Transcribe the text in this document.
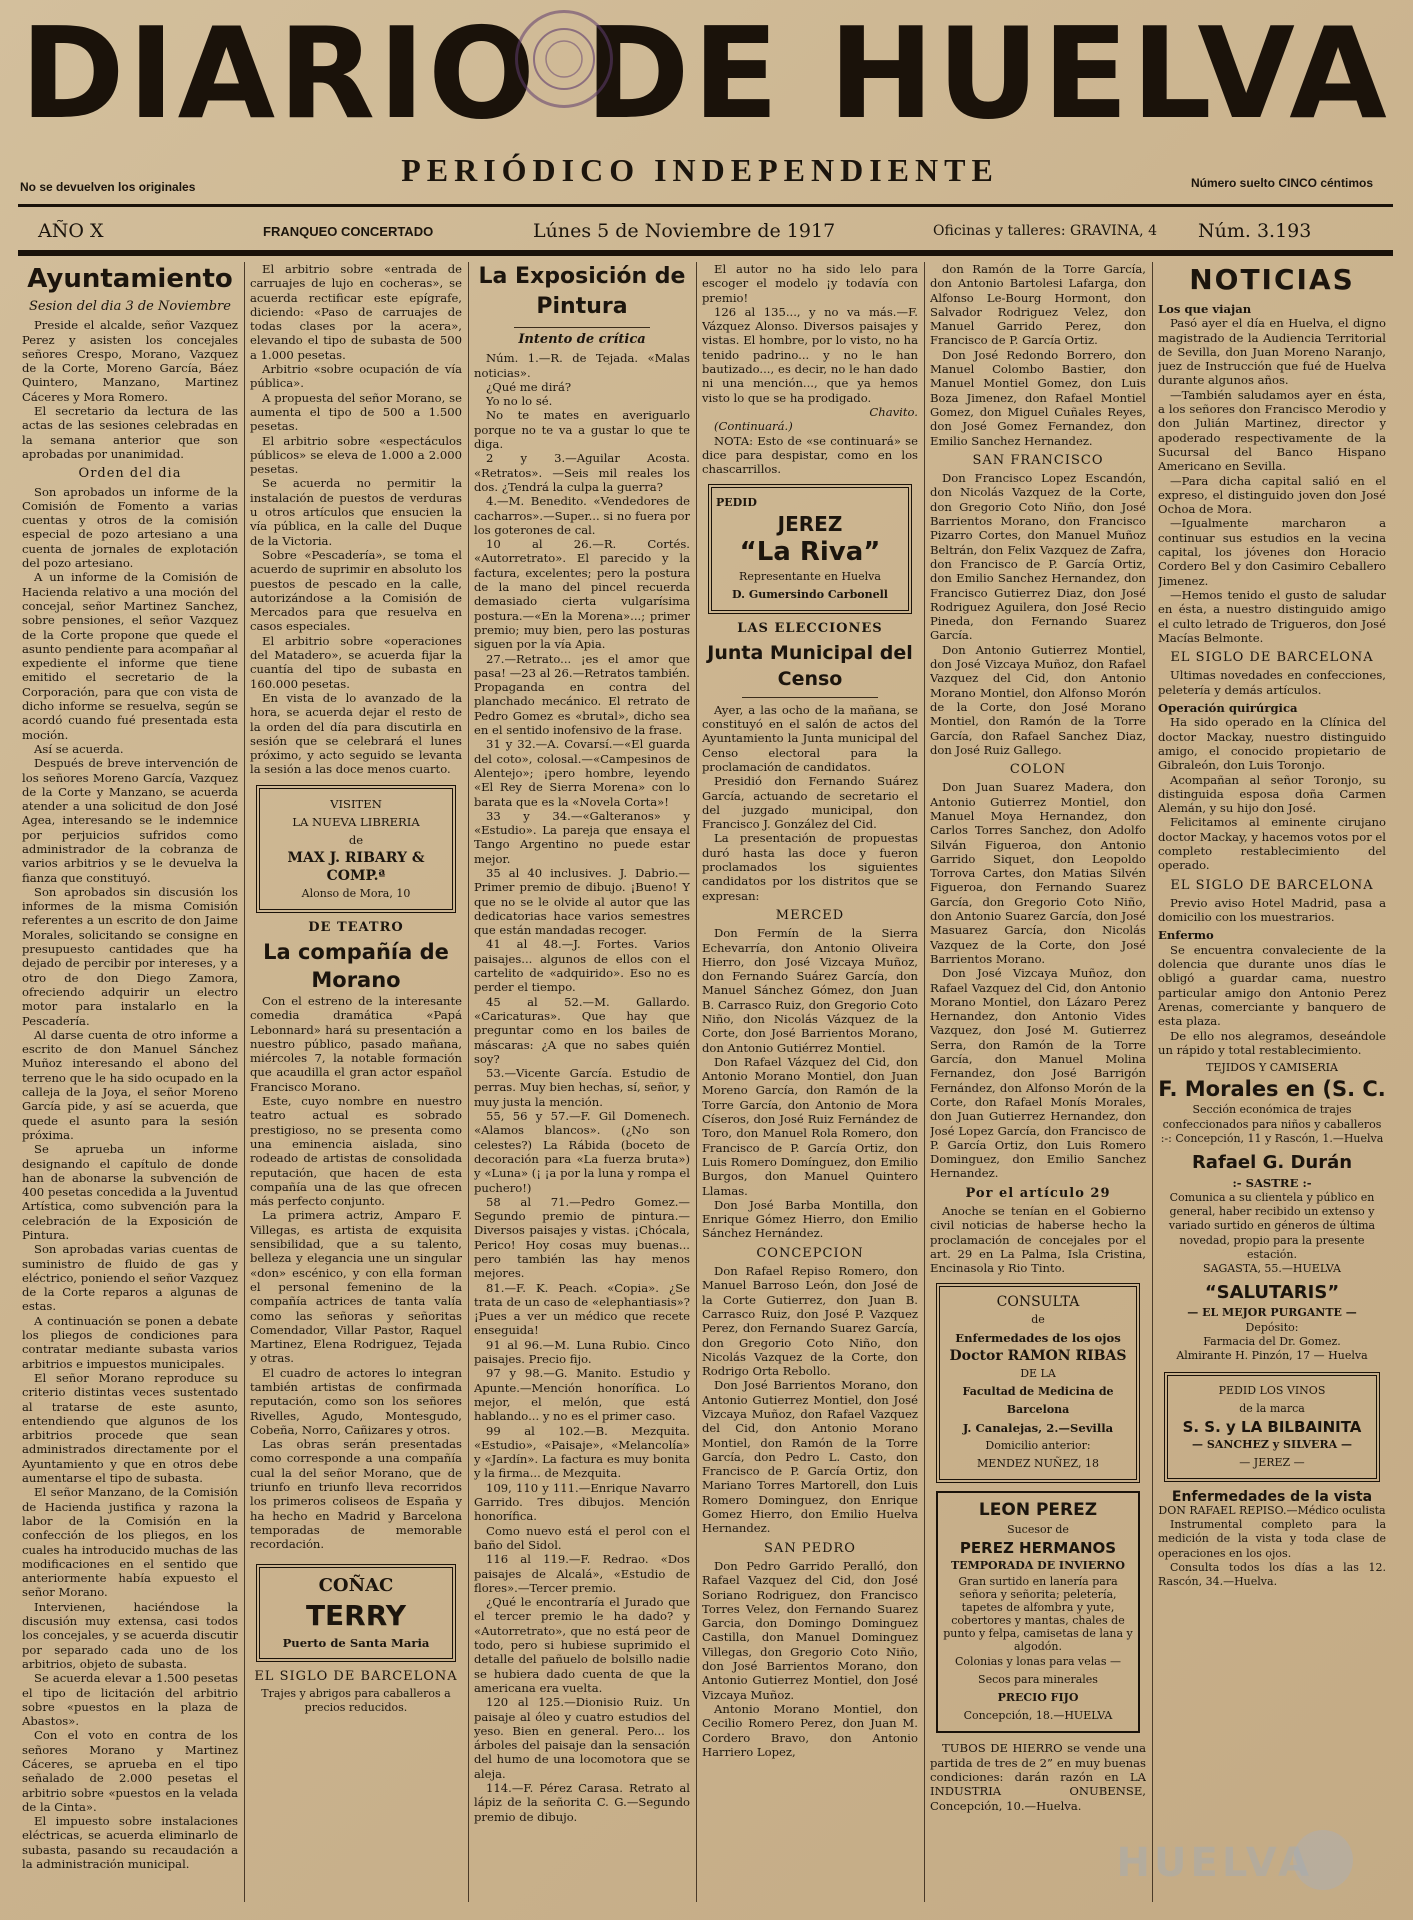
DIARIO DE HUELVA
PERIÓDICO INDEPENDIENTE
No se devuelven los originales	Número suelto CINCO céntimos
AÑO X	FRANQUEO CONCERTADO	Lúnes 5 de Noviembre de 1917	Oficinas y talleres: GRAVINA, 4 Núm. 3.193
Ayuntamiento
Sesion del dia 3 de Noviembre

Preside el alcalde, señor Vazquez Perez y asisten los concejales señores Crespo, Morano, Vazquez de la Corte, Moreno García, Báez Quintero, Manzano, Martinez Cáceres y Mora Romero.

El secretario da lectura de las actas de las sesiones celebradas en la semana anterior que son aprobadas por unanimidad.

Orden del dia

Son aprobados un informe de la Comisión de Fomento a varias cuentas y otros de la comisión especial de pozo artesiano a una cuenta de jornales de explotación del pozo artesiano.

A un informe de la Comisión de Hacienda relativo a una moción del concejal, señor Martinez Sanchez, sobre pensiones, el señor Vazquez de la Corte propone que quede el asunto pendiente para acompañar al expediente el informe que tiene emitido el secretario de la Corporación, para que con vista de dicho informe se resuelva, según se acordó cuando fué presentada esta moción.

Así se acuerda.

Después de breve intervención de los señores Moreno García, Vazquez de la Corte y Manzano, se acuerda atender a una solicitud de don José Agea, interesando se le indemnice por perjuicios sufridos como administrador de la cobranza de varios arbitrios y se le devuelva la fianza que constituyó.

Son aprobados sin discusión los informes de la misma Comisión referentes a un escrito de don Jaime Morales, solicitando se consigne en presupuesto cantidades que ha dejado de percibir por intereses, y a otro de don Diego Zamora, ofreciendo adquirir un electro motor para instalarlo en la Pescadería.

Al darse cuenta de otro informe a escrito de don Manuel Sánchez Muñoz interesando el abono del terreno que le ha sido ocupado en la calleja de la Joya, el señor Moreno García pide, y así se acuerda, que quede el asunto para la sesión próxima.

Se aprueba un informe designando el capítulo de donde han de abonarse la subvención de 400 pesetas concedida a la Juventud Artística, como subvención para la celebración de la Exposición de Pintura.

Son aprobadas varias cuentas de suministro de fluido de gas y eléctrico, poniendo el señor Vazquez de la Corte reparos a algunas de estas.

A continuación se ponen a debate los pliegos de condiciones para contratar mediante subasta varios arbitrios e impuestos municipales.

El señor Morano reproduce su criterio distintas veces sustentado al tratarse de este asunto, entendiendo que algunos de los arbitrios procede que sean administrados directamente por el Ayuntamiento y que en otros debe aumentarse el tipo de subasta.

El señor Manzano, de la Comisión de Hacienda justifica y razona la labor de la Comisión en la confección de los pliegos, en los cuales ha introducido muchas de las modificaciones en el sentido que anteriormente había expuesto el señor Morano.

Intervienen, haciéndose la discusión muy extensa, casi todos los concejales, y se acuerda discutir por separado cada uno de los arbitrios, objeto de subasta.

Se acuerda elevar a 1.500 pesetas el tipo de licitación del arbitrio sobre «puestos en la plaza de Abastos».

Con el voto en contra de los señores Morano y Martinez Cáceres, se aprueba en el tipo señalado de 2.000 pesetas el arbitrio sobre «puestos en la velada de la Cinta».

El impuesto sobre instalaciones eléctricas, se acuerda eliminarlo de subasta, pasando su recaudación a la administración municipal.

El arbitrio sobre «entrada de carruajes de lujo en cocheras», se acuerda rectificar este epígrafe, diciendo: «Paso de carruajes de todas clases por la acera», elevando el tipo de subasta de 500 a 1.000 pesetas.

Arbitrio «sobre ocupación de vía pública».

A propuesta del señor Morano, se aumenta el tipo de 500 a 1.500 pesetas.

El arbitrio sobre «espectáculos públicos» se eleva de 1.000 a 2.000 pesetas.

Se acuerda no permitir la instalación de puestos de verduras u otros artículos que ensucien la vía pública, en la calle del Duque de la Victoria.

Sobre «Pescadería», se toma el acuerdo de suprimir en absoluto los puestos de pescado en la calle, autorizándose a la Comisión de Mercados para que resuelva en casos especiales.

El arbitrio sobre «operaciones del Matadero», se acuerda fijar la cuantía del tipo de subasta en 160.000 pesetas.

En vista de lo avanzado de la hora, se acuerda dejar el resto de la orden del día para discutirla en sesión que se celebrará el lunes próximo, y acto seguido se levanta la sesión a las doce menos cuarto.

VISITEN
LA NUEVA LIBRERIA
de
MAX J. RIBARY & COMP.ª
Alonso de Mora, 10
DE TEATRO
La compañía de Morano

Con el estreno de la interesante comedia dramática «Papá Lebonnard» hará su presentación a nuestro público, pasado mañana, miércoles 7, la notable formación que acaudilla el gran actor español Francisco Morano.

Este, cuyo nombre en nuestro teatro actual es sobrado prestigioso, no se presenta como una eminencia aislada, sino rodeado de artistas de consolidada reputación, que hacen de esta compañía una de las que ofrecen más perfecto conjunto.

La primera actriz, Amparo F. Villegas, es artista de exquisita sensibilidad, que a su talento, belleza y elegancia une un singular «don» escénico, y con ella forman el personal femenino de la compañía actrices de tanta valía como las señoras y señoritas Comendador, Villar Pastor, Raquel Martinez, Elena Rodriguez, Tejada y otras.

El cuadro de actores lo integran también artistas de confirmada reputación, como son los señores Rivelles, Agudo, Montesgudo, Cobeña, Norro, Cañizares y otros.

Las obras serán presentadas como corresponde a una compañía cual la del señor Morano, que de triunfo en triunfo lleva recorridos los primeros coliseos de España y ha hecho en Madrid y Barcelona temporadas de memorable recordación.

COÑAC
TERRY
Puerto de Santa Maria
EL SIGLO DE BARCELONA

Trajes y abrigos para caballeros a precios reducidos.

La Exposición de Pintura
Intento de crítica

Núm. 1.—R. de Tejada. «Malas noticias».

¿Qué me dirá?

Yo no lo sé.

No te mates en averiguarlo porque no te va a gustar lo que te diga.

2 y 3.—Aguilar Acosta. «Retratos». —Seis mil reales los dos. ¿Tendrá la culpa la guerra?

4.—M. Benedito. «Vendedores de cacharros».—Super... si no fuera por los goterones de cal.

10 al 26.—R. Cortés. «Autorretrato». El parecido y la factura, excelentes; pero la postura de la mano del pincel recuerda demasiado cierta vulgarísima postura.—«En la Morena»...; primer premio; muy bien, pero las posturas siguen por la vía Apia.

27.—Retrato... ¡es el amor que pasa! —23 al 26.—Retratos también. Propaganda en contra del planchado mecánico. El retrato de Pedro Gomez es «brutal», dicho sea en el sentido inofensivo de la frase.

31 y 32.—A. Covarsí.—«El guarda del coto», colosal.—«Campesinos de Alentejo»; ¡pero hombre, leyendo «El Rey de Sierra Morena» con lo barata que es la «Novela Corta»!

33 y 34.—«Galteranos» y «Estudio». La pareja que ensaya el Tango Argentino no puede estar mejor.

35 al 40 inclusives. J. Dabrio.—Primer premio de dibujo. ¡Bueno! Y que no se le olvide al autor que las dedicatorias hace varios semestres que están mandadas recoger.

41 al 48.—J. Fortes. Varios paisajes... algunos de ellos con el cartelito de «adquirido». Eso no es perder el tiempo.

45 al 52.—M. Gallardo. «Caricaturas». Que hay que preguntar como en los bailes de máscaras: ¿A que no sabes quién soy?

53.—Vicente García. Estudio de perras. Muy bien hechas, sí, señor, y muy justa la mención.

55, 56 y 57.—F. Gil Domenech. «Alamos blancos». (¿No son celestes?) La Rábida (boceto de decoración para «La fuerza bruta») y «Luna» (¡ ¡a por la luna y rompa el puchero!)

58 al 71.—Pedro Gomez.—Segundo premio de pintura.—Diversos paisajes y vistas. ¡Chócala, Perico! Hoy cosas muy buenas... pero también las hay menos mejores.

81.—F. K. Peach. «Copia». ¿Se trata de un caso de «elephantiasis»? ¡Pues a ver un médico que recete enseguida!

91 al 96.—M. Luna Rubio. Cinco paisajes. Precio fijo.

97 y 98.—G. Manito. Estudio y Apunte.—Mención honorífica. Lo mejor, el melón, que está hablando... y no es el primer caso.

99 al 102.—B. Mezquita. «Estudio», «Paisaje», «Melancolía» y «Jardín». La factura es muy bonita y la firma... de Mezquita.

109, 110 y 111.—Enrique Navarro Garrido. Tres dibujos. Mención honorífica.

Como nuevo está el perol con el baño del Sidol.

116 al 119.—F. Redrao. «Dos paisajes de Alcalá», «Estudio de flores».—Tercer premio.

¿Qué le encontraría el Jurado que el tercer premio le ha dado? y «Autorretrato», que no está peor de todo, pero si hubiese suprimido el detalle del pañuelo de bolsillo nadie se hubiera dado cuenta de que la americana era vuelta.

120 al 125.—Dionisio Ruiz. Un paisaje al óleo y cuatro estudios del yeso. Bien en general. Pero... los árboles del paisaje dan la sensación del humo de una locomotora que se aleja.

114.—F. Pérez Carasa. Retrato al lápiz de la señorita C. G.—Segundo premio de dibujo.

El autor no ha sido lelo para escoger el modelo ¡y todavía con premio!

126 al 135..., y no va más.—F. Vázquez Alonso. Diversos paisajes y vistas. El hombre, por lo visto, no ha tenido padrino... y no le han bautizado..., es decir, no le han dado ni una mención..., que ya hemos visto lo que se ha prodigado.

Chavito.

(Continuará.)

NOTA: Esto de «se continuará» se dice para despistar, como en los chascarrillos.

PEDID
JEREZ
“La Riva”
Representante en Huelva
D. Gumersindo Carbonell
LAS ELECCIONES
Junta Municipal del Censo

Ayer, a las ocho de la mañana, se constituyó en el salón de actos del Ayuntamiento la Junta municipal del Censo electoral para la proclamación de candidatos.

Presidió don Fernando Suárez García, actuando de secretario el del juzgado municipal, don Francisco J. González del Cid.

La presentación de propuestas duró hasta las doce y fueron proclamados los siguientes candidatos por los distritos que se expresan:

MERCED

Don Fermín de la Sierra Echevarría, don Antonio Oliveira Hierro, don José Vizcaya Muñoz, don Fernando Suárez García, don Manuel Sánchez Gómez, don Juan B. Carrasco Ruiz, don Gregorio Coto Niño, don Nicolás Vázquez de la Corte, don José Barrientos Morano, don Antonio Gutiérrez Montiel.

Don Rafael Vázquez del Cid, don Antonio Morano Montiel, don Juan Moreno García, don Ramón de la Torre García, don Antonio de Mora Císeros, don José Ruiz Fernández de Toro, don Manuel Rola Romero, don Francisco de P. García Ortiz, don Luis Romero Domínguez, don Emilio Burgos, don Manuel Quintero Llamas.

Don José Barba Montilla, don Enrique Gómez Hierro, don Emilio Sánchez Hernández.

CONCEPCION

Don Rafael Repiso Romero, don Manuel Barroso León, don José de la Corte Gutierrez, don Juan B. Carrasco Ruiz, don José P. Vazquez Perez, don Fernando Suarez García, don Gregorio Coto Niño, don Nicolás Vazquez de la Corte, don Rodrigo Orta Rebollo.

Don José Barrientos Morano, don Antonio Gutierrez Montiel, don José Vizcaya Muñoz, don Rafael Vazquez del Cid, don Antonio Morano Montiel, don Ramón de la Torre García, don Pedro L. Casto, don Francisco de P. García Ortiz, don Mariano Torres Martorell, don Luis Romero Dominguez, don Enrique Gomez Hierro, don Emilio Huelva Hernandez.

SAN PEDRO

Don Pedro Garrido Peralló, don Rafael Vazquez del Cid, don José Soriano Rodriguez, don Francisco Torres Velez, don Fernando Suarez Garcia, don Domingo Dominguez Castilla, don Manuel Dominguez Villegas, don Gregorio Coto Niño, don José Barrientos Morano, don Antonio Gutierrez Montiel, don José Vizcaya Muñoz.

Antonio Morano Montiel, don Cecilio Romero Perez, don Juan M. Cordero Bravo, don Antonio Harriero Lopez,

don Ramón de la Torre García, don Antonio Bartolesi Lafarga, don Alfonso Le-Bourg Hormont, don Salvador Rodriguez Velez, don Manuel Garrido Perez, don Francisco de P. García Ortiz.

Don José Redondo Borrero, don Manuel Colombo Bastier, don Manuel Montiel Gomez, don Luis Boza Jimenez, don Rafael Montiel Gomez, don Miguel Cuñales Reyes, don José Gomez Fernandez, don Emilio Sanchez Hernandez.

SAN FRANCISCO

Don Francisco Lopez Escandón, don Nicolás Vazquez de la Corte, don Gregorio Coto Niño, don José Barrientos Morano, don Francisco Pizarro Cortes, don Manuel Muñoz Beltrán, don Felix Vazquez de Zafra, don Francisco de P. García Ortiz, don Emilio Sanchez Hernandez, don Francisco Gutierrez Diaz, don José Rodriguez Aguilera, don José Recio Pineda, don Fernando Suarez García.

Don Antonio Gutierrez Montiel, don José Vizcaya Muñoz, don Rafael Vazquez del Cid, don Antonio Morano Montiel, don Alfonso Morón de la Corte, don José Morano Montiel, don Ramón de la Torre García, don Rafael Sanchez Diaz, don José Ruiz Gallego.

COLON

Don Juan Suarez Madera, don Antonio Gutierrez Montiel, don Manuel Moya Hernandez, don Carlos Torres Sanchez, don Adolfo Silván Figueroa, don Antonio Garrido Siquet, don Leopoldo Torrova Cartes, don Matias Silvén Figueroa, don Fernando Suarez García, don Gregorio Coto Niño, don Antonio Suarez García, don José Masuarez García, don Nicolás Vazquez de la Corte, don José Barrientos Morano.

Don José Vizcaya Muñoz, don Rafael Vazquez del Cid, don Antonio Morano Montiel, don Lázaro Perez Hernandez, don Antonio Vides Vazquez, don José M. Gutierrez Serra, don Ramón de la Torre García, don Manuel Molina Fernandez, don José Barrigón Fernández, don Alfonso Morón de la Corte, don Rafael Monís Morales, don Juan Gutierrez Hernandez, don José Lopez García, don Francisco de P. García Ortiz, don Luis Romero Dominguez, don Emilio Sanchez Hernandez.

Por el artículo 29

Anoche se tenían en el Gobierno civil noticias de haberse hecho la proclamación de concejales por el art. 29 en La Palma, Isla Cristina, Encinasola y Rio Tinto.

CONSULTA
de
Enfermedades de los ojos
Doctor RAMON RIBAS
DE LA
Facultad de Medicina de Barcelona
J. Canalejas, 2.—Sevilla
Domicilio anterior:
MENDEZ NUÑEZ, 18
LEON PEREZ
Sucesor de
PEREZ HERMANOS
TEMPORADA DE INVIERNO
Gran surtido en lanería para señora y señorita; peletería, tapetes de alfombra y yute, cobertores y mantas, chales de punto y felpa, camisetas de lana y algodón.
Colonias y lonas para velas — Secos para minerales
PRECIO FIJO
Concepción, 18.—HUELVA

TUBOS DE HIERRO se vende una partida de tres de 2” en muy buenas condiciones: darán razón en LA INDUSTRIA ONUBENSE, Concepción, 10.—Huelva.

NOTICIAS
Los que viajan

Pasó ayer el día en Huelva, el digno magistrado de la Audiencia Territorial de Sevilla, don Juan Moreno Naranjo, juez de Instrucción que fué de Huelva durante algunos años.

—También saludamos ayer en ésta, a los señores don Francisco Merodio y don Julián Martinez, director y apoderado respectivamente de la Sucursal del Banco Hispano Americano en Sevilla.

—Para dicha capital salió en el expreso, el distinguido joven don José Ochoa de Mora.

—Igualmente marcharon a continuar sus estudios en la vecina capital, los jóvenes don Horacio Cordero Bel y don Casimiro Ceballero Jimenez.

—Hemos tenido el gusto de saludar en ésta, a nuestro distinguido amigo el culto letrado de Trigueros, don José Macías Belmonte.

EL SIGLO DE BARCELONA

Ultimas novedades en confecciones, peletería y demás artículos.

Operación quirúrgica

Ha sido operado en la Clínica del doctor Mackay, nuestro distinguido amigo, el conocido propietario de Gibraleón, don Luis Toronjo.

Acompañan al señor Toronjo, su distinguida esposa doña Carmen Alemán, y su hijo don José.

Felicitamos al eminente cirujano doctor Mackay, y hacemos votos por el completo restablecimiento del operado.

EL SIGLO DE BARCELONA

Previo aviso Hotel Madrid, pasa a domicilio con los muestrarios.

Enfermo

Se encuentra convaleciente de la dolencia que durante unos días le obligó a guardar cama, nuestro particular amigo don Antonio Perez Arenas, comerciante y banquero de esta plaza.

De ello nos alegramos, deseándole un rápido y total restablecimiento.

TEJIDOS Y CAMISERIA
F. Morales en (S. C.

Sección económica de trajes confeccionados para niños y caballeros :-: Concepción, 11 y Rascón, 1.—Huelva

Rafael G. Durán
:- SASTRE :-

Comunica a su clientela y público en general, haber recibido un extenso y variado surtido en géneros de última novedad, propio para la presente estación.

SAGASTA, 55.—HUELVA
“SALUTARIS”
— EL MEJOR PURGANTE —
Depósito:
Farmacia del Dr. Gomez.
Almirante H. Pinzón, 17 — Huelva
PEDID LOS VINOS
de la marca
S. S. y LA BILBAINITA
— SANCHEZ y SILVERA —
— JEREZ —
Enfermedades de la vista

DON RAFAEL REPISO.—Médico oculista

Instrumental completo para la medición de la vista y toda clase de operaciones en los ojos.

Consulta todos los días a las 12. Rascón, 34.—Huelva.

HUELVA
